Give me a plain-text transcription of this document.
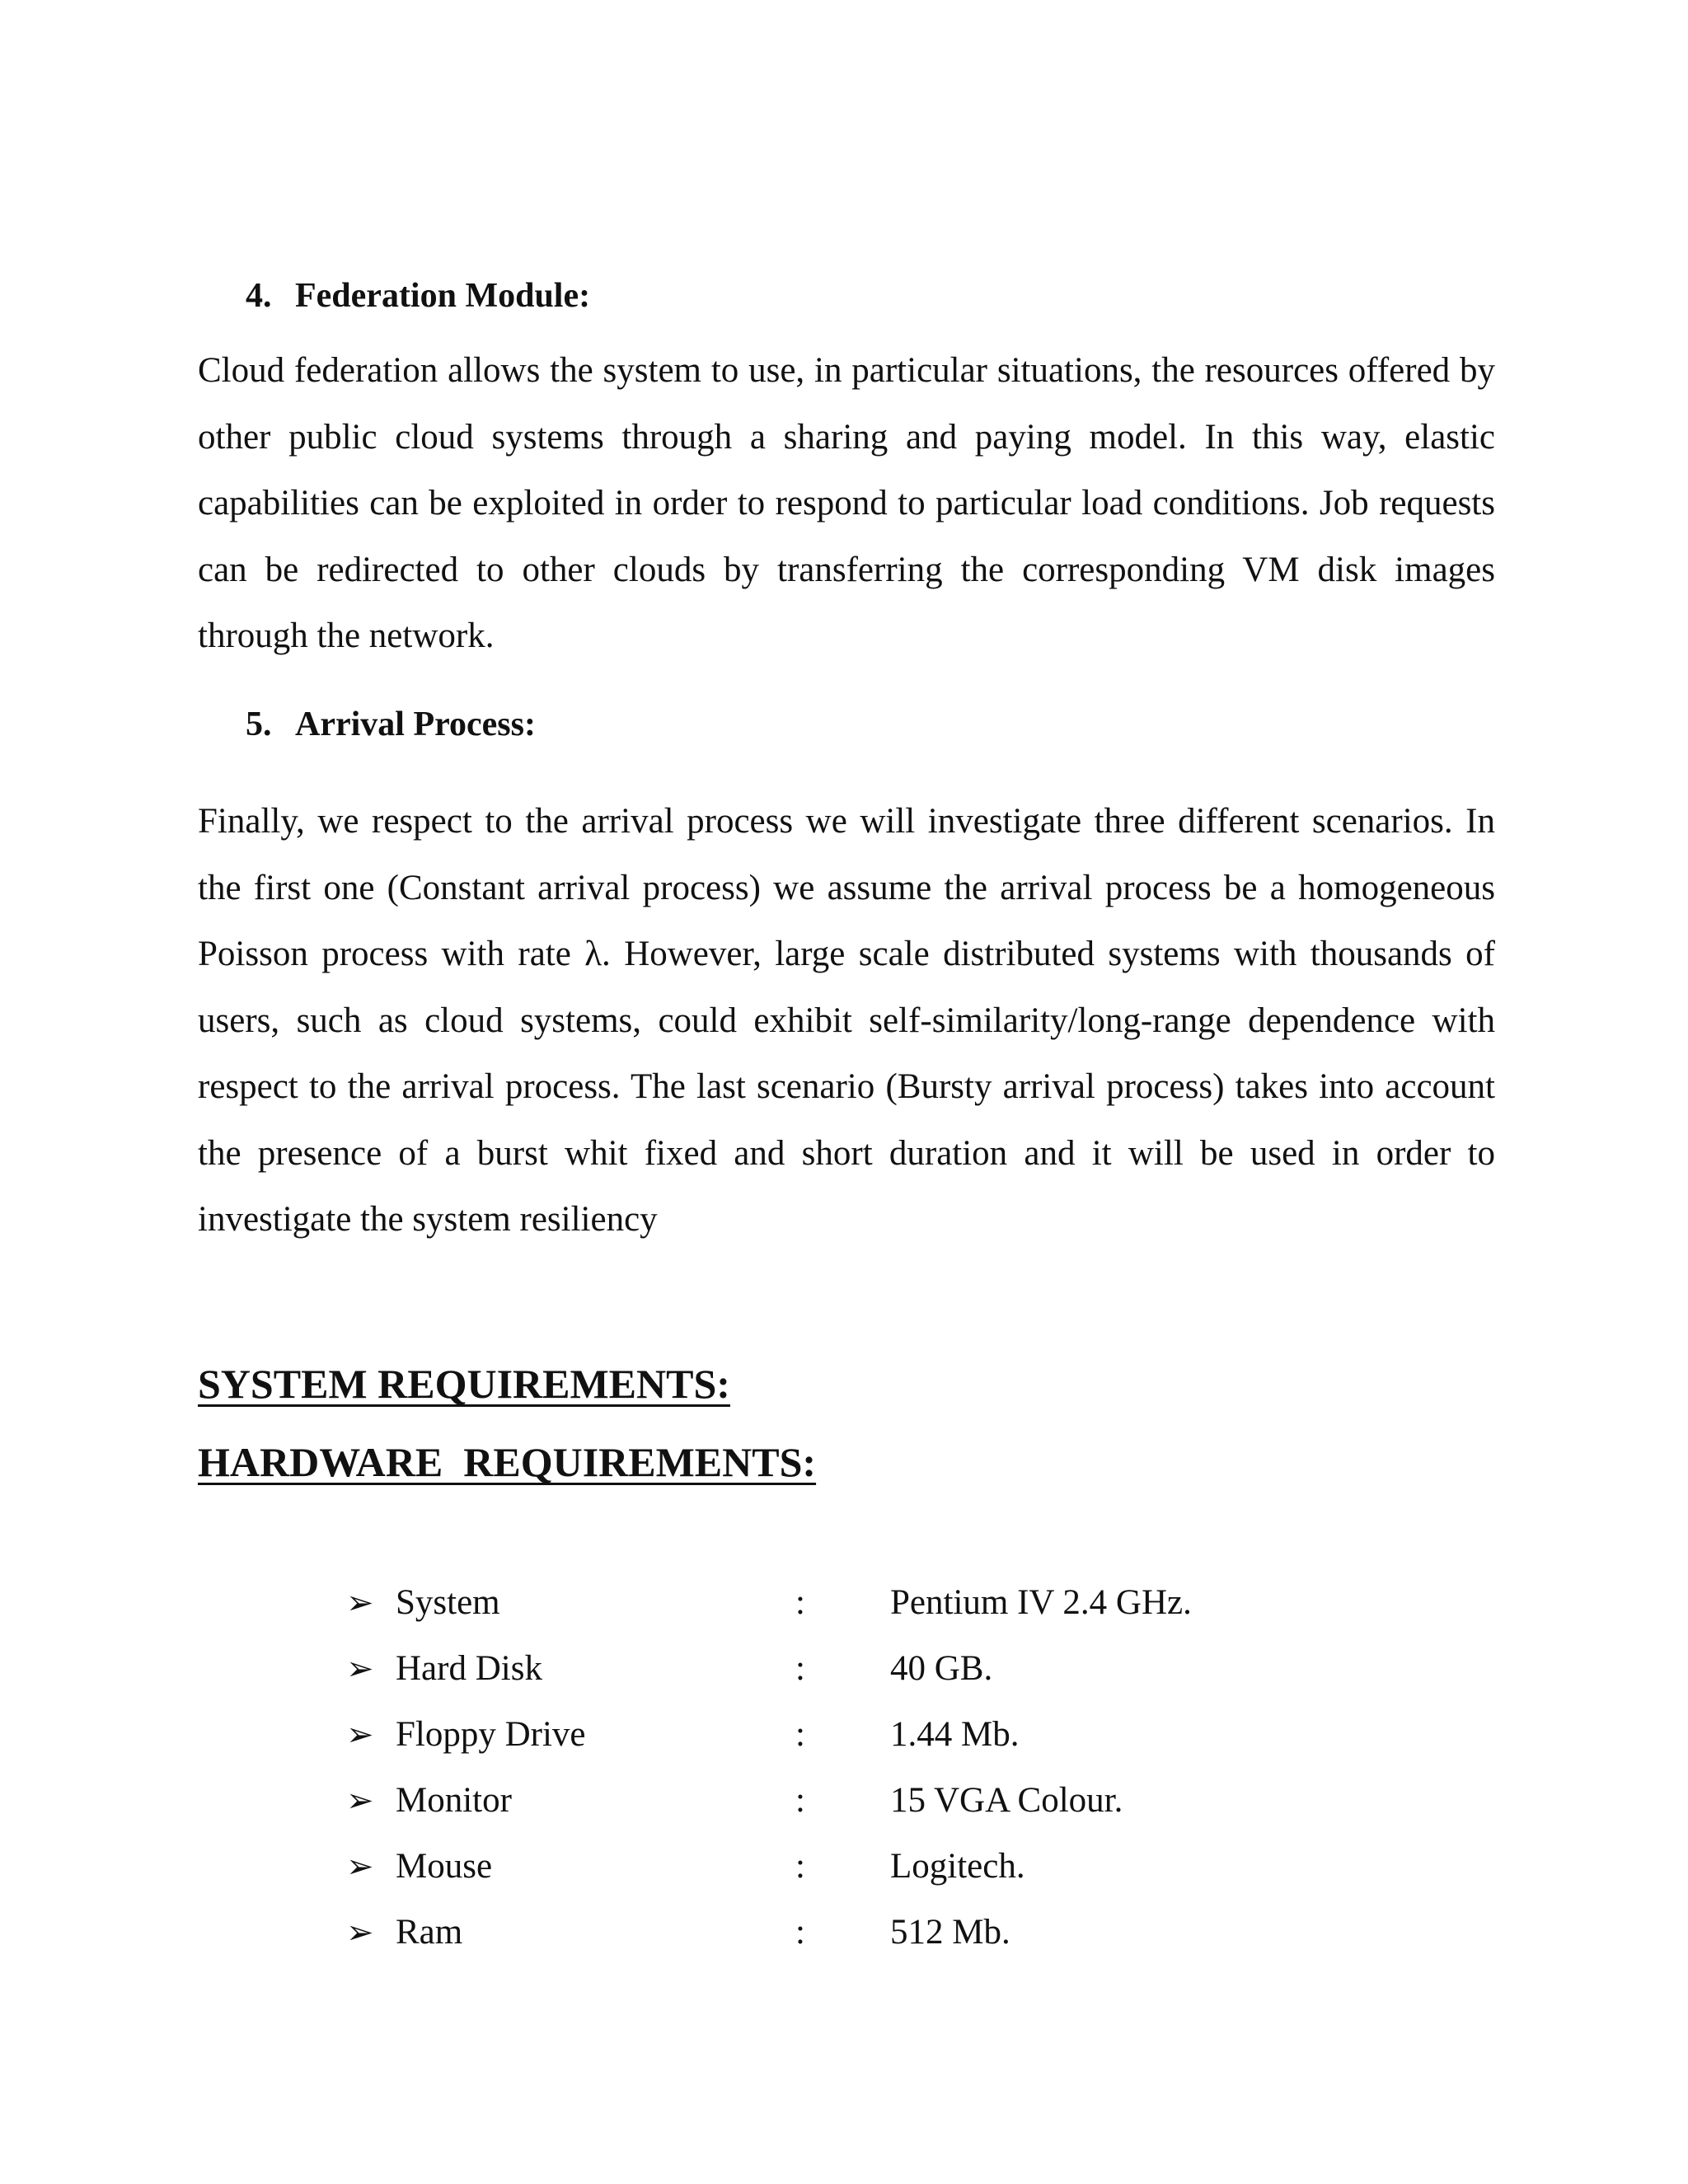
4. Federation Module:
Cloud federation allows the system to use, in particular situations, the resources offered by other public cloud systems through a sharing and paying model. In this way, elastic capabilities can be exploited in order to respond to particular load conditions. Job requests can be redirected to other clouds by transferring the corresponding VM disk images through the network.
5. Arrival Process:
Finally, we respect to the arrival process we will investigate three different scenarios. In the first one (Constant arrival process) we assume the arrival process be a homogeneous Poisson process with rate λ. However, large scale distributed systems with thousands of users, such as cloud systems, could exhibit self-similarity/long-range dependence with respect to the arrival process. The last scenario (Bursty arrival process) takes into account the presence of a burst whit fixed and short duration and it will be used in order to investigate the system resiliency
SYSTEM REQUIREMENTS:
HARDWARE  REQUIREMENTS:
➢ System	: Pentium IV 2.4 GHz.
➢ Hard Disk	: 40 GB.
➢ Floppy Drive	: 1.44 Mb.
➢ Monitor	: 15 VGA Colour.
➢ Mouse	: Logitech.
➢ Ram	: 512 Mb.
